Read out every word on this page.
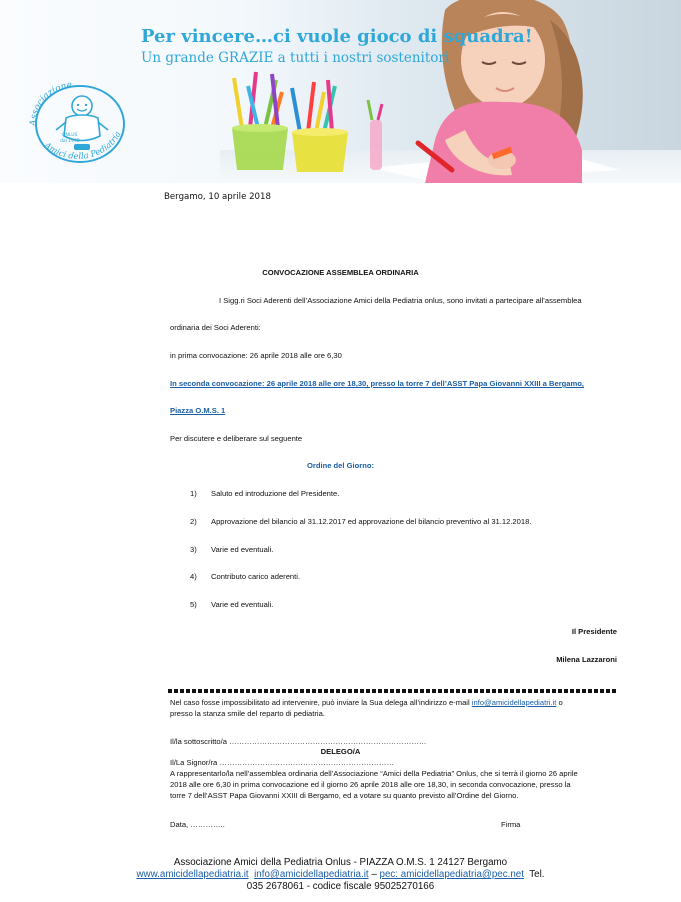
Per vincere…ci vuole gioco di squadra!
Un grande GRAZIE a tutti i nostri sostenitori
Associazione
Amici della Pediatria
ONLUS
dal 1992
Bergamo, 10 aprile 2018
CONVOCAZIONE ASSEMBLEA ORDINARIA
I Sigg.ri Soci Aderenti dell’Associazione Amici della Pediatria onlus, sono invitati a partecipare all’assemblea
ordinaria dei Soci Aderenti:
in prima convocazione: 26 aprile 2018 alle ore 6,30
In seconda convocazione: 26 aprile 2018 alle ore 18,30, presso la torre 7 dell’ASST Papa Giovanni XXIII a Bergamo,
Piazza O.M.S. 1
Per discutere e deliberare sul seguente
Ordine del Giorno:
1) Saluto ed introduzione del Presidente.
2) Approvazione del bilancio al 31.12.2017 ed approvazione del bilancio preventivo al 31.12.2018.
3) Varie ed eventuali.
4) Contributo carico aderenti.
5) Varie ed eventuali.
Il Presidente
Milena Lazzaroni
Nel caso fosse impossibilitato ad intervenire, può inviare la Sua delega all’indirizzo e-mail info@amicidellapediatri.it o
presso la stanza smile del reparto di pediatria.
Il/la sottoscritto/a ……………………………………………………………………
DELEGO/A
Il/La Signor/ra ……………………………………………………………
A rappresentarlo/la nell’assemblea ordinaria dell’Associazione “Amici della Pediatria” Onlus, che si terrà il giorno 26 aprile
2018 alle ore 6,30 in prima convocazione ed il giorno 26 aprile 2018 alle ore 18,30, in seconda convocazione, presso la
torre 7 dell’ASST Papa Giovanni XXIII di Bergamo, ed a votare su quanto previsto all’Ordine del Giorno.
Data, …………..	Firma
Associazione Amici della Pediatria Onlus - PIAZZA O.M.S. 1 24127 Bergamo
www.amicidellapediatria.it info@amicidellapediatria.it – pec: amicidellapediatria@pec.net Tel.
035 2678061 - codice fiscale 95025270166
